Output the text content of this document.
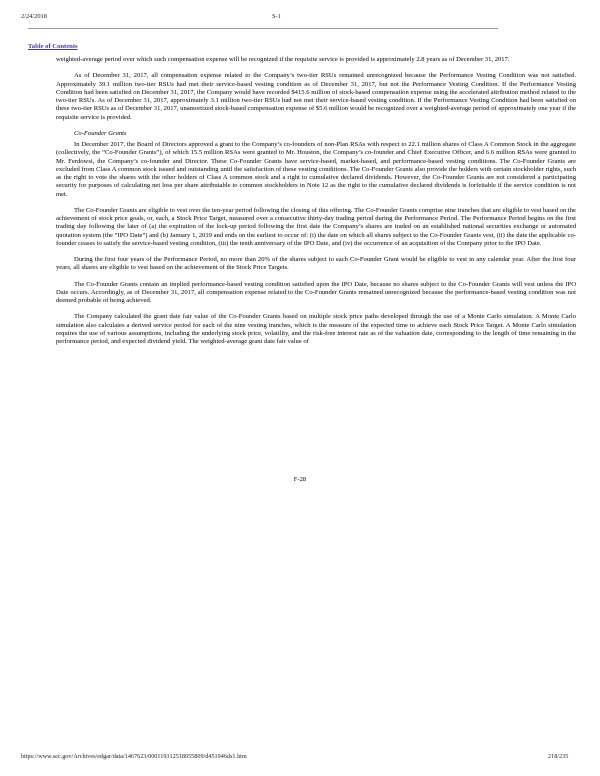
2/24/2018	S-1
Table of Contents

weighted-average period over which such compensation expense will be recognized if the requisite service is provided is approximately 2.8 years as of December 31, 2017.

As of December 31, 2017, all compensation expense related to the Company’s two-tier RSUs remained unrecognized because the Performance Vesting Condition was not satisfied. Approximately 39.1 million two-tier RSUs had met their service-based vesting condition as of December 31, 2017, but not the Performance Vesting Condition. If the Performance Vesting Condition had been satisfied on December 31, 2017, the Company would have recorded $415.6 million of stock-based compensation expense using the accelerated attribution method related to the two-tier RSUs. As of December 31, 2017, approximately 3.1 million two-tier RSUs had not met their service-based vesting condition. If the Performance Vesting Condition had been satisfied on these two-tier RSUs as of December 31, 2017, unamortized stock-based compensation expense of $5.6 million would be recognized over a weighted-average period of approximately one year if the requisite service is provided.

Co-Founder Grants

In December 2017, the Board of Directors approved a grant to the Company’s co-founders of non-Plan RSAs with respect to 22.1 million shares of Class A Common Stock in the aggregate (collectively, the “Co-Founder Grants”), of which 15.5 million RSAs were granted to Mr. Houston, the Company’s co-founder and Chief Executive Officer, and 6.6 million RSAs were granted to Mr. Ferdowsi, the Company’s co-founder and Director. These Co-Founder Grants have service-based, market-based, and performance-based vesting conditions. The Co-Founder Grants are excluded from Class A common stock issued and outstanding until the satisfaction of these vesting conditions. The Co-Founder Grants also provide the holders with certain stockholder rights, such as the right to vote the shares with the other holders of Class A common stock and a right to cumulative declared dividends. However, the Co-Founder Grants are not considered a participating security for purposes of calculating net loss per share attributable to common stockholders in Note 12 as the right to the cumulative declared dividends is forfeitable if the service condition is not met.

The Co-Founder Grants are eligible to vest over the ten-year period following the closing of this offering. The Co-Founder Grants comprise nine tranches that are eligible to vest based on the achievement of stock price goals, or, each, a Stock Price Target, measured over a consecutive thirty-day trading period during the Performance Period. The Performance Period begins on the first trading day following the later of (a) the expiration of the lock-up period following the first date the Company’s shares are traded on an established national securities exchange or automated quotation system (the “IPO Date”) and (b) January 1, 2019 and ends on the earliest to occur of: (i) the date on which all shares subject to the Co-Founder Grants vest, (ii) the date the applicable co-founder ceases to satisfy the service-based vesting condition, (iii) the tenth anniversary of the IPO Date, and (iv) the occurrence of an acquisition of the Company prior to the IPO Date.

During the first four years of the Performance Period, no more than 20% of the shares subject to each Co-Founder Grant would be eligible to vest in any calendar year. After the first four years, all shares are eligible to vest based on the achievement of the Stock Price Targets.

The Co-Founder Grants contain an implied performance-based vesting condition satisfied upon the IPO Date, because no shares subject to the Co-Founder Grants will vest unless the IPO Date occurs. Accordingly, as of December 31, 2017, all compensation expense related to the Co-Founder Grants remained unrecognized because the performance-based vesting condition was not deemed probable of being achieved.

The Company calculated the grant date fair value of the Co-Founder Grants based on multiple stock price paths developed through the use of a Monte Carlo simulation. A Monte Carlo simulation also calculates a derived service period for each of the nine vesting tranches, which is the measure of the expected time to achieve each Stock Price Target. A Monte Carlo simulation requires the use of various assumptions, including the underlying stock price, volatility, and the risk-free interest rate as of the valuation date, corresponding to the length of time remaining in the performance period, and expected dividend yield. The weighted-average grant date fair value of

F-28
https://www.sec.gov/Archives/edgar/data/1467623/000119312518055809/d451946ds1.htm	218/235
